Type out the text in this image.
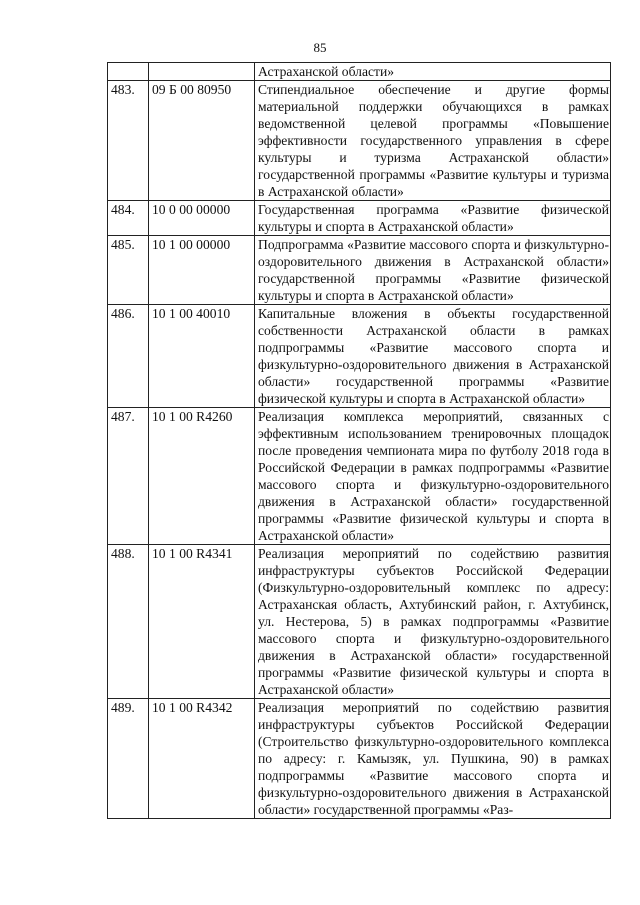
85
		Астраханской области»
483.	09 Б 00 80950	Стипендиальное обеспечение и другие формы материальной поддержки обучающихся в рамках ведомственной целевой программы «Повышение эффективности государственного управления в сфере культуры и туризма Астраханской области» государственной программы «Развитие культуры и туризма в Астраханской области»
484.	10 0 00 00000	Государственная программа «Развитие физической культуры и спорта в Астраханской области»
485.	10 1 00 00000	Подпрограмма «Развитие массового спорта и физкультурно-оздоровительного движения в Астраханской области» государственной программы «Развитие физической культуры и спорта в Астраханской области»
486.	10 1 00 40010	Капитальные вложения в объекты государственной собственности Астраханской области в рамках подпрограммы «Развитие массового спорта и физкультурно-оздоровительного движения в Астраханской области» государственной программы «Развитие физической культуры и спорта в Астраханской области»
487.	10 1 00 R4260	Реализация комплекса мероприятий, связанных с эффективным использованием тренировочных площадок после проведения чемпионата мира по футболу 2018 года в Российской Федерации в рамках подпрограммы «Развитие массового спорта и физкультурно-оздоровительного движения в Астраханской области» государственной программы «Развитие физической культуры и спорта в Астраханской области»
488.	10 1 00 R4341	Реализация мероприятий по содействию развития инфраструктуры субъектов Российской Федерации (Физкультурно-оздоровительный комплекс по адресу: Астраханская область, Ахтубинский район, г. Ахтубинск, ул. Нестерова, 5) в рамках подпрограммы «Развитие массового спорта и физкультурно-оздоровительного движения в Астраханской области» государственной программы «Развитие физической культуры и спорта в Астраханской области»
489.	10 1 00 R4342	Реализация мероприятий по содействию развития инфраструктуры субъектов Российской Федерации (Строительство физкультурно-оздоровительного комплекса по адресу: г. Камызяк, ул. Пушкина, 90) в рамках подпрограммы «Развитие массового спорта и физкультурно-оздоровительного движения в Астраханской области» государственной программы «Раз-
